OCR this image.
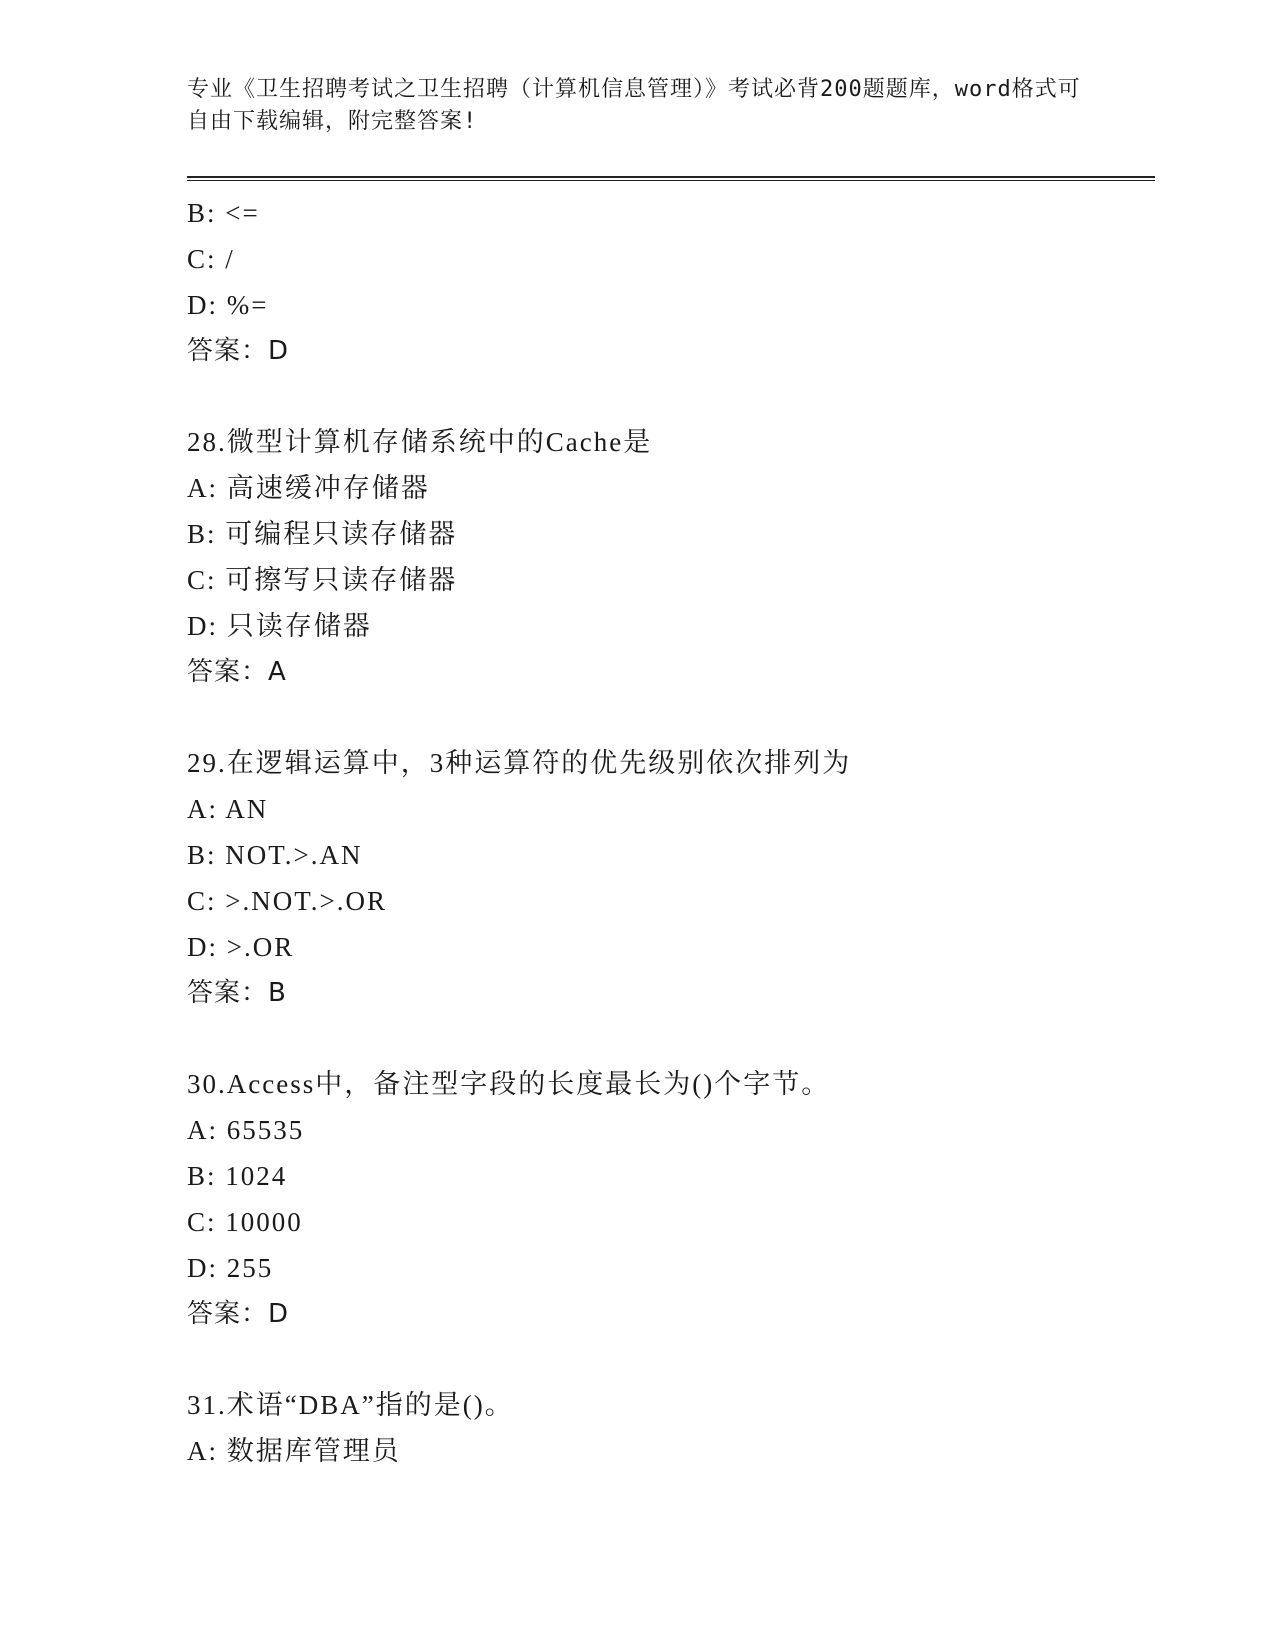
专业《卫生招聘考试之卫生招聘（计算机信息管理）》考试必背200题题库，word格式可自由下载编辑，附完整答案!
B: <=
C: /
D: %=
答案：D
28.微型计算机存储系统中的Cache是
A: 高速缓冲存储器
B: 可编程只读存储器
C: 可擦写只读存储器
D: 只读存储器
答案：A
29.在逻辑运算中，3种运算符的优先级别依次排列为
A: AN
B: NOT.>.AN
C: >.NOT.>.OR
D: >.OR
答案：B
30.Access中，备注型字段的长度最长为()个字节。
A: 65535
B: 1024
C: 10000
D: 255
答案：D
31.术语“DBA”指的是()。
A: 数据库管理员
